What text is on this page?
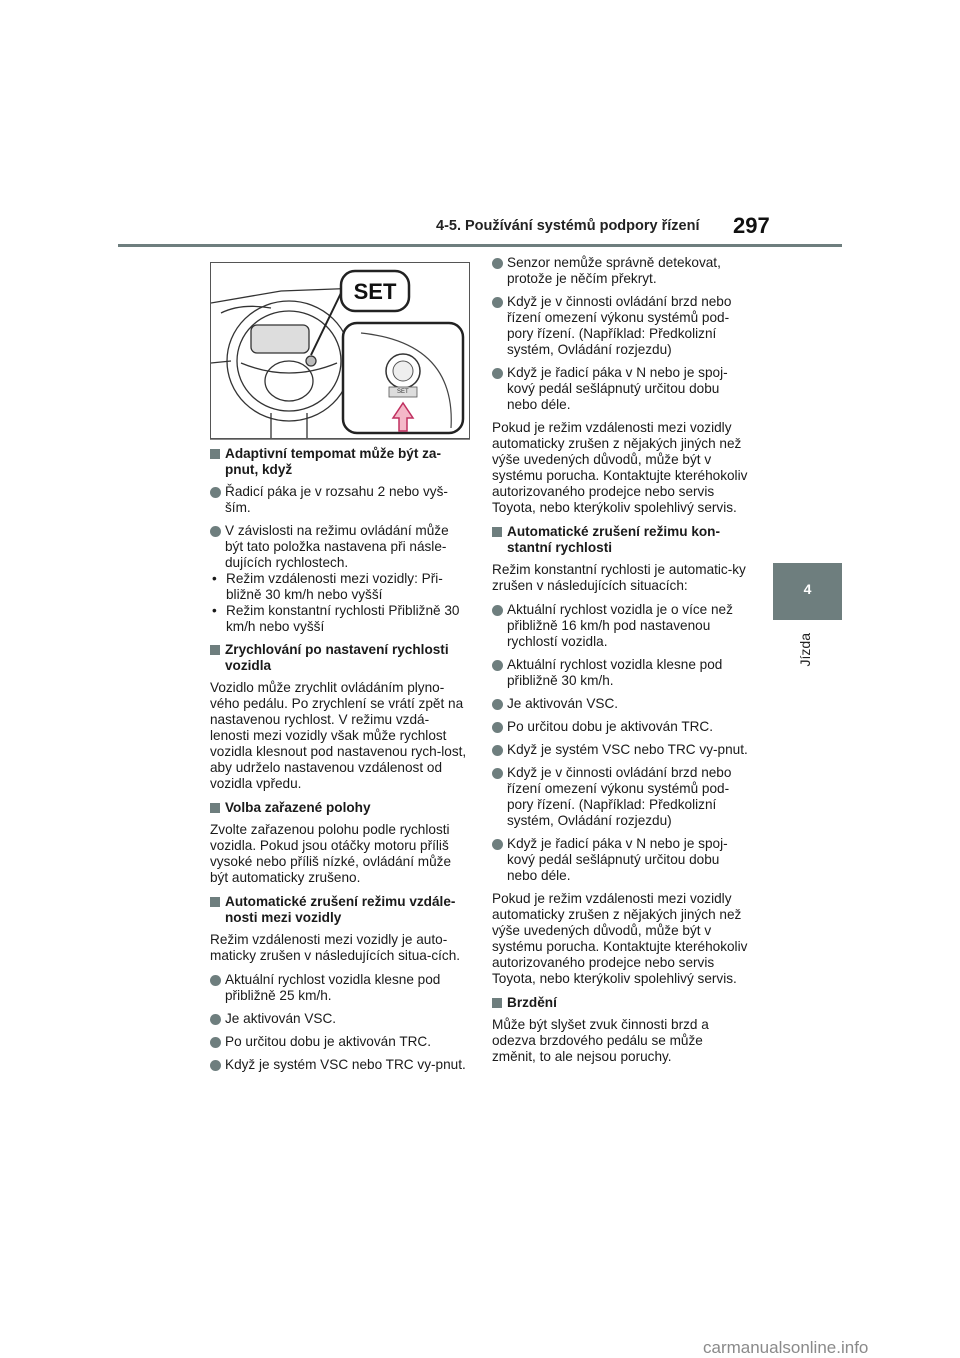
4-5. Používání systémů podpory řízení 297
4
Jízda
SET
SET
Adaptivní tempomat může být za-pnut, když
Řadicí páka je v rozsahu 2 nebo vyš-ším.
V závislosti na režimu ovládání může být tato položka nastavena při násle-dujících rychlostech.
• Režim vzdálenosti mezi vozidly: Při-bližně 30 km/h nebo vyšší
• Režim konstantní rychlosti Přibližně 30 km/h nebo vyšší
Zrychlování po nastavení rychlosti vozidla
Vozidlo může zrychlit ovládáním plyno-vého pedálu. Po zrychlení se vrátí zpět na nastavenou rychlost. V režimu vzdá-lenosti mezi vozidly však může rychlost vozidla klesnout pod nastavenou rych-lost, aby udrželo nastavenou vzdálenost od vozidla vpředu.
Volba zařazené polohy
Zvolte zařazenou polohu podle rychlosti vozidla. Pokud jsou otáčky motoru příliš vysoké nebo příliš nízké, ovládání může být automaticky zrušeno.
Automatické zrušení režimu vzdále-nosti mezi vozidly
Režim vzdálenosti mezi vozidly je auto-maticky zrušen v následujících situa-cích.
Aktuální rychlost vozidla klesne pod přibližně 25 km/h.
Je aktivován VSC.
Po určitou dobu je aktivován TRC.
Když je systém VSC nebo TRC vy-pnut.
Senzor nemůže správně detekovat, protože je něčím překryt.
Když je v činnosti ovládání brzd nebo řízení omezení výkonu systémů pod-pory řízení. (Například: Předkolizní systém, Ovládání rozjezdu)
Když je řadicí páka v N nebo je spoj-kový pedál sešlápnutý určitou dobu nebo déle.
Pokud je režim vzdálenosti mezi vozidly automaticky zrušen z nějakých jiných než výše uvedených důvodů, může být v systému porucha. Kontaktujte kteréhokoliv autorizovaného prodejce nebo servis Toyota, nebo kterýkoliv spolehlivý servis.
Automatické zrušení režimu kon-stantní rychlosti
Režim konstantní rychlosti je automatic-ky zrušen v následujících situacích:
Aktuální rychlost vozidla je o více než přibližně 16 km/h pod nastavenou rychlostí vozidla.
Aktuální rychlost vozidla klesne pod přibližně 30 km/h.
Je aktivován VSC.
Po určitou dobu je aktivován TRC.
Když je systém VSC nebo TRC vy-pnut.
Když je v činnosti ovládání brzd nebo řízení omezení výkonu systémů pod-pory řízení. (Například: Předkolizní systém, Ovládání rozjezdu)
Když je řadicí páka v N nebo je spoj-kový pedál sešlápnutý určitou dobu nebo déle.
Pokud je režim vzdálenosti mezi vozidly automaticky zrušen z nějakých jiných než výše uvedených důvodů, může být v systému porucha. Kontaktujte kteréhokoliv autorizovaného prodejce nebo servis Toyota, nebo kterýkoliv spolehlivý servis.
Brzdění
Může být slyšet zvuk činnosti brzd a odezva brzdového pedálu se může změnit, to ale nejsou poruchy.
carmanualsonline.info
